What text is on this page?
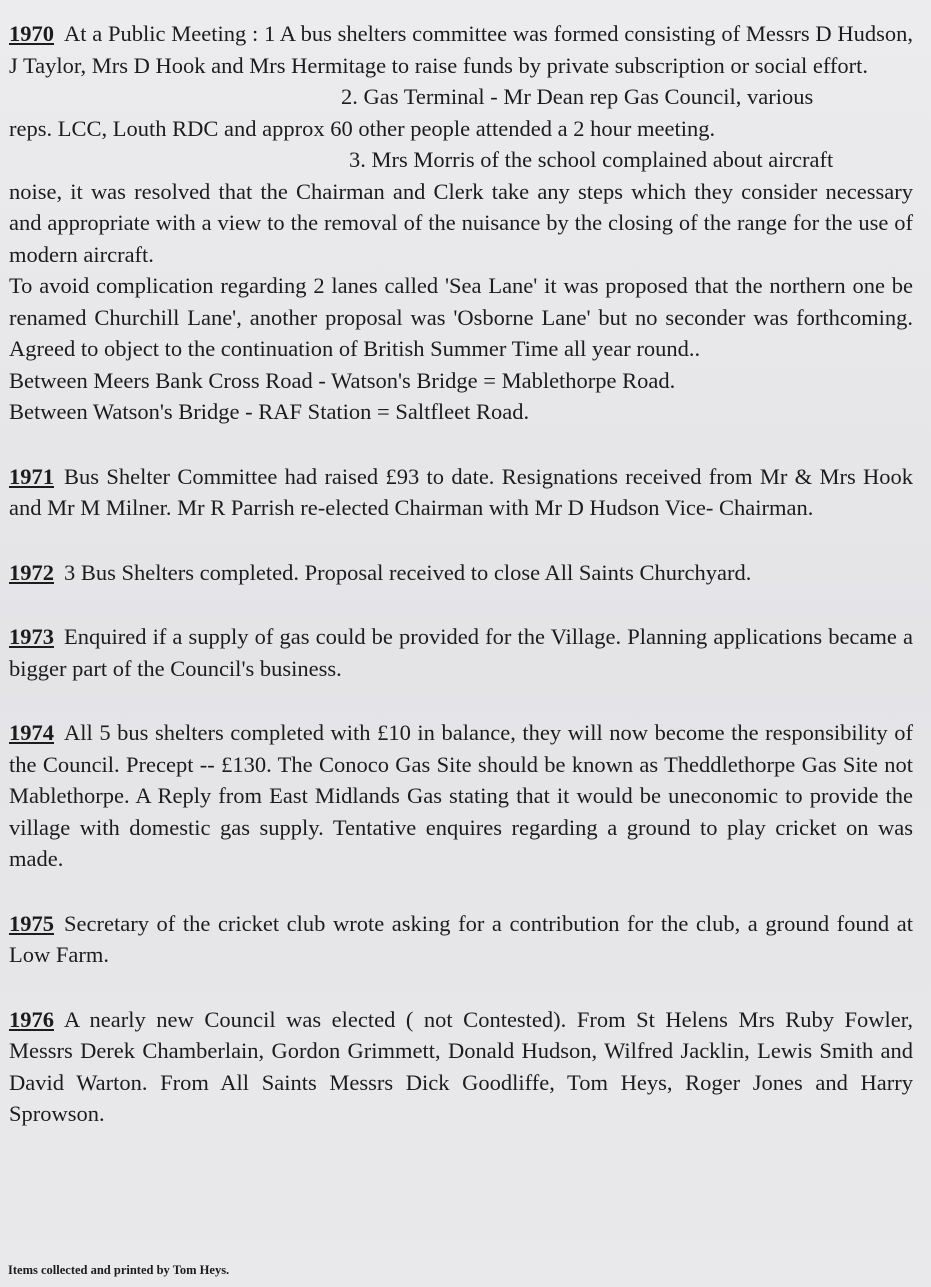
1970 At a Public Meeting : 1 A bus shelters committee was formed consisting of Messrs D Hudson, J Taylor, Mrs D Hook and Mrs Hermitage to raise funds by private subscription or social effort.

2. Gas Terminal - Mr Dean rep Gas Council, various
reps. LCC, Louth RDC and approx 60 other people attended a 2 hour meeting.

3. Mrs Morris of the school complained about aircraft
noise, it was resolved that the Chairman and Clerk take any steps which they consider necessary and appropriate with a view to the removal of the nuisance by the closing of the range for the use of modern aircraft.

To avoid complication regarding 2 lanes called 'Sea Lane' it was proposed that the northern one be renamed Churchill Lane', another proposal was 'Osborne Lane' but no seconder was forthcoming. Agreed to object to the continuation of British Summer Time all year round..

Between Meers Bank Cross Road - Watson's Bridge = Mablethorpe Road.

Between Watson's Bridge - RAF Station = Saltfleet Road.

1971 Bus Shelter Committee had raised £93 to date. Resignations received from Mr & Mrs Hook and Mr M Milner. Mr R Parrish re-elected Chairman with Mr D Hudson Vice- Chairman.

1972 3 Bus Shelters completed. Proposal received to close All Saints Churchyard.

1973 Enquired if a supply of gas could be provided for the Village. Planning applications became a bigger part of the Council's business.

1974 All 5 bus shelters completed with £10 in balance, they will now become the responsibility of the Council. Precept -- £130. The Conoco Gas Site should be known as Theddlethorpe Gas Site not Mablethorpe. A Reply from East Midlands Gas stating that it would be uneconomic to provide the village with domestic gas supply. Tentative enquires regarding a ground to play cricket on was made.

1975 Secretary of the cricket club wrote asking for a contribution for the club, a ground found at Low Farm.

1976 A nearly new Council was elected ( not Contested). From St Helens Mrs Ruby Fowler, Messrs Derek Chamberlain, Gordon Grimmett, Donald Hudson, Wilfred Jacklin, Lewis Smith and David Warton. From All Saints Messrs Dick Goodliffe, Tom Heys, Roger Jones and Harry Sprowson.

Items collected and printed by Tom Heys.
